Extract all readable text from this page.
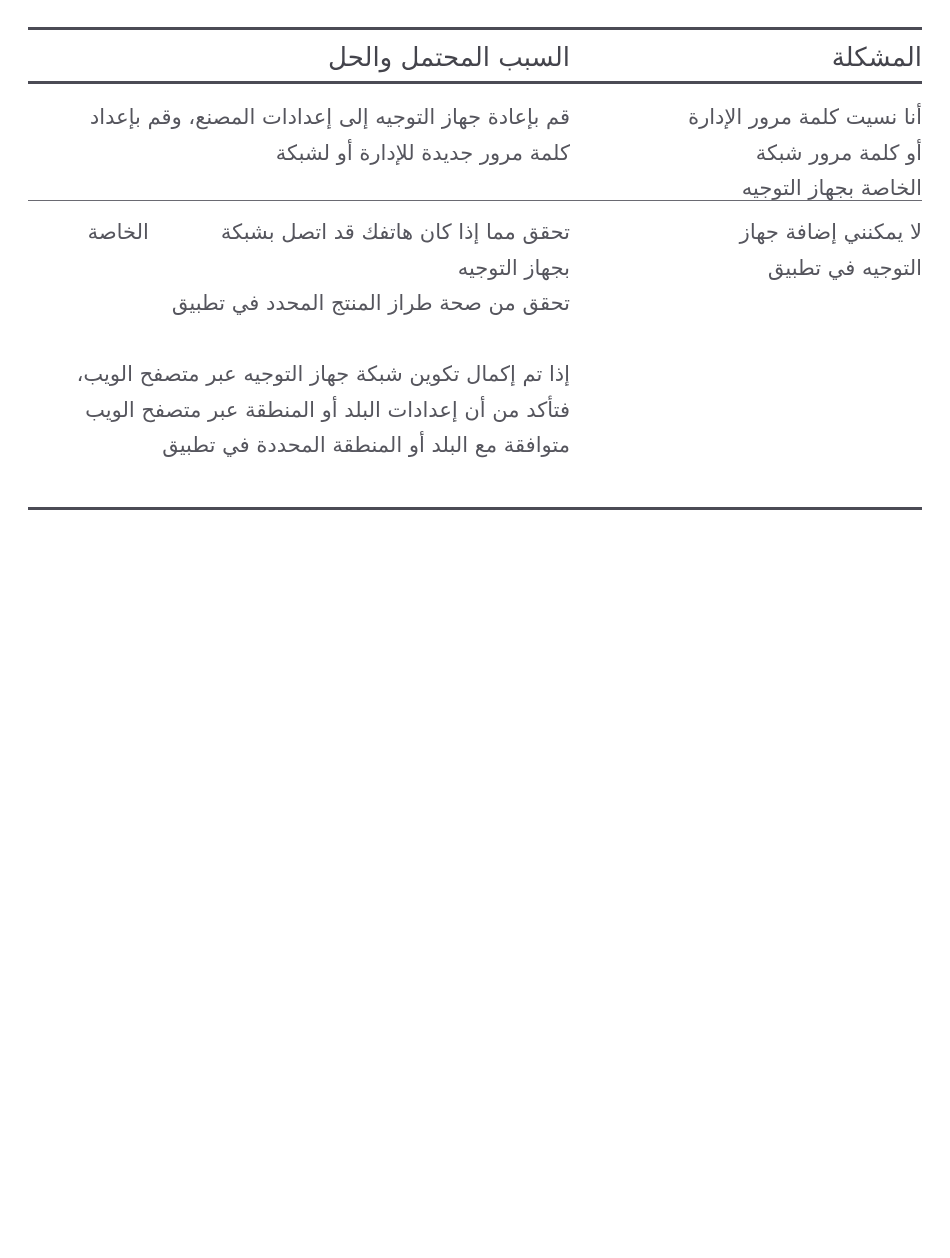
المشكلة
السبب المحتمل والحل
أنا نسيت كلمة مرور الإدارة
أو كلمة مرور شبكة
الخاصة بجهاز التوجيه
قم بإعادة جهاز التوجيه إلى إعدادات المصنع، وقم بإعداد
كلمة مرور جديدة للإدارة أو لشبكة
لا يمكنني إضافة جهاز
التوجيه في تطبيق
تحقق مما إذا كان هاتفك قد اتصل بشبكة
الخاصة
بجهاز التوجيه
تحقق من صحة طراز المنتج المحدد في تطبيق
إذا تم إكمال تكوين شبكة جهاز التوجيه عبر متصفح الويب،
فتأكد من أن إعدادات البلد أو المنطقة عبر متصفح الويب
متوافقة مع البلد أو المنطقة المحددة في تطبيق
